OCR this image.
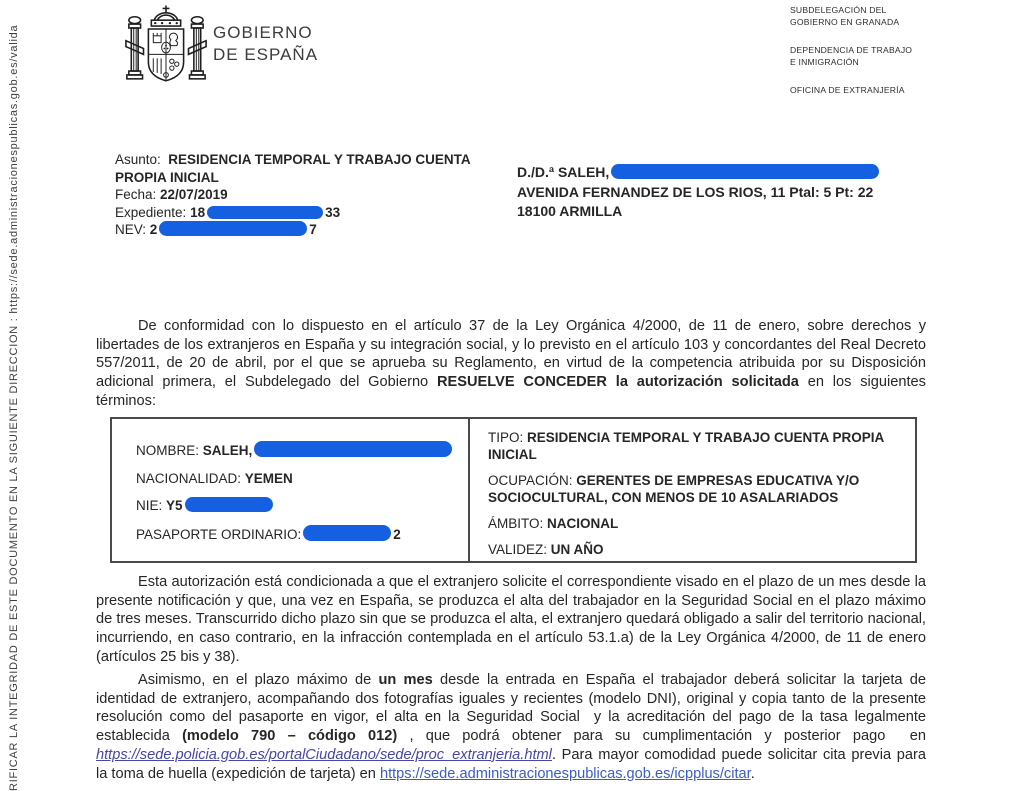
RIFICAR LA INTEGRIDAD DE ESTE DOCUMENTO EN LA SIGUIENTE DIRECCION : https://sede.administracionespublicas.gob.es/valida	GOBIERNO
DE ESPAÑA
SUBDELEGACIÓN DEL
GOBIERNO EN GRANADA
DEPENDENCIA DE TRABAJO
E INMIGRACIÓN
OFICINA DE EXTRANJERÍA
Asunto:  RESIDENCIA TEMPORAL Y TRABAJO CUENTA PROPIA INICIAL
Fecha: 22/07/2019
Expediente: 18	33
NEV: 2	7
D./D.ª SALEH,
AVENIDA FERNANDEZ DE LOS RIOS, 11 Ptal: 5 Pt: 22
18100 ARMILLA
De conformidad con lo dispuesto en el artículo 37 de la Ley Orgánica 4/2000, de 11 de enero, sobre derechos y libertades de los extranjeros en España y su integración social, y lo previsto en el artículo 103 y concordantes del Real Decreto 557/2011, de 20 de abril, por el que se aprueba su Reglamento, en virtud de la competencia atribuida por su Disposición adicional primera, el Subdelegado del Gobierno RESUELVE CONCEDER la autorización solicitada en los siguientes términos:
NOMBRE: SALEH,
NACIONALIDAD: YEMEN
NIE: Y5
PASAPORTE ORDINARIO:	2
TIPO: RESIDENCIA TEMPORAL Y TRABAJO CUENTA PROPIA INICIAL
OCUPACIÓN: GERENTES DE EMPRESAS EDUCATIVA Y/O SOCIOCULTURAL, CON MENOS DE 10 ASALARIADOS
ÁMBITO: NACIONAL
VALIDEZ: UN AÑO
Esta autorización está condicionada a que el extranjero solicite el correspondiente visado en el plazo de un mes desde la presente notificación y que, una vez en España, se produzca el alta del trabajador en la Seguridad Social en el plazo máximo de tres meses. Transcurrido dicho plazo sin que se produzca el alta, el extranjero quedará obligado a salir del territorio nacional, incurriendo, en caso contrario, en la infracción contemplada en el artículo 53.1.a) de la Ley Orgánica 4/2000, de 11 de enero (artículos 25 bis y 38).
Asimismo, en el plazo máximo de un mes desde la entrada en España el trabajador deberá solicitar la tarjeta de identidad de extranjero, acompañando dos fotografías iguales y recientes (modelo DNI), original y copia tanto de la presente resolución como del pasaporte en vigor, el alta en la Seguridad Social  y la acreditación del pago de la tasa legalmente establecida (modelo 790 – código 012) , que podrá obtener para su cumplimentación y posterior pago  en https://sede.policia.gob.es/portalCiudadano/sede/proc_extranjeria.html. Para mayor comodidad puede solicitar cita previa para la toma de huella (expedición de tarjeta) en https://sede.administracionespublicas.gob.es/icpplus/citar.
